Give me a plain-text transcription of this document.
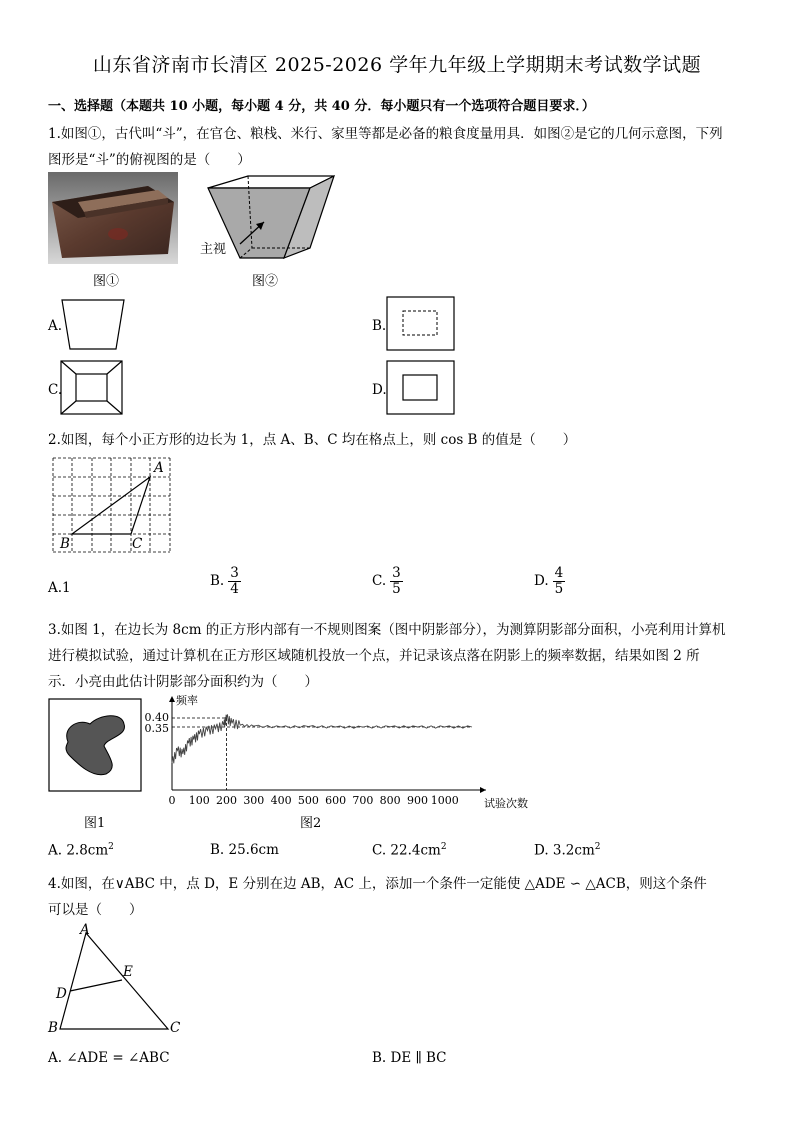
山东省济南市长清区 2025-2026 学年九年级上学期期末考试数学试题
一、选择题（本题共 10 小题，每小题 4 分，共 40 分．每小题只有一个选项符合题目要求．）
1.如图①，古代叫“斗”，在官仓、粮栈、米行、家里等都是必备的粮食度量用具．如图②是它的几何示意图，下列
图形是“斗”的俯视图的是（　　）
图①
主视
图②
A.	B.
C.	D.
2.如图，每个小正方形的边长为 1，点 A、B、C 均在格点上，则 cos B 的值是（　　）
A
B	C
A.1	B. $\frac{3}{4}$	C. $\frac{3}{5}$	D. $\frac{4}{5}$
3.如图 1，在边长为 8cm 的正方形内部有一不规则图案（图中阴影部分），为测算阴影部分面积，小亮利用计算机
进行模拟试验，通过计算机在正方形区域随机投放一个点，并记录该点落在阴影上的频率数据，结果如图 2 所
示．小亮由此估计阴影部分面积约为（　　）
图1
频率
试验次数
0 100 200 300 400 500 600 700 800 900 1000
0.40
0.35
图2
A. $2.8cm^2$	B. 25.6cm	C. $22.4cm^2$	D. $3.2cm^2$
4.如图，在∨ABC 中，点 D，E 分别在边 AB，AC 上，添加一个条件一定能使 △ADE ∽ △ACB，则这个条件
可以是（　　）
A
E
D
B	C
A. ∠ADE = ∠ABC	B. DE ∥ BC
